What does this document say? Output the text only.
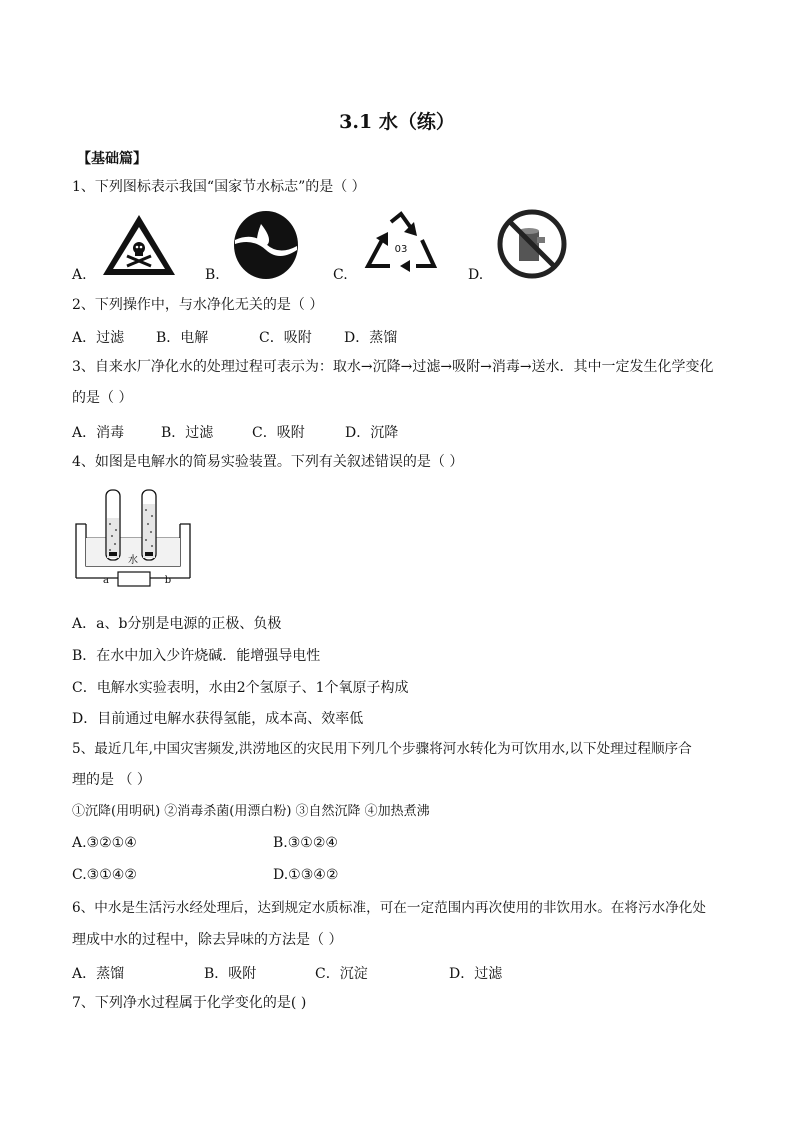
3.1 水（练）
【基础篇】
1、下列图标表示我国“国家节水标志”的是（ ）
A.	B.	C.
03
D.
2、下列操作中，与水净化无关的是（ ）
A．过滤 B．电解	C．吸附 D．蒸馏
3、自来水厂净化水的处理过程可表示为：取水→沉降→过滤→吸附→消毒→送水．其中一定发生化学变化
的是（ ）
A．消毒	B．过滤	C．吸附	D．沉降
4、如图是电解水的简易实验装置。下列有关叙述错误的是（ ）
水
a	b
A．a、b分别是电源的正极、负极
B．在水中加入少许烧碱．能增强导电性
C．电解水实验表明，水由2个氢原子、1个氧原子构成
D．目前通过电解水获得氢能，成本高、效率低
5、最近几年,中国灾害频发,洪涝地区的灾民用下列几个步骤将河水转化为可饮用水,以下处理过程顺序合
理的是 （ ）
①沉降(用明矾) ②消毒杀菌(用漂白粉) ③自然沉降 ④加热煮沸
A.③②①④	B.③①②④
C.③①④②	D.①③④②
6、中水是生活污水经处理后，达到规定水质标准，可在一定范围内再次使用的非饮用水。在将污水净化处
理成中水的过程中，除去异味的方法是（ ）
A．蒸馏	B．吸附	C．沉淀	D．过滤
7、下列净水过程属于化学变化的是( )
